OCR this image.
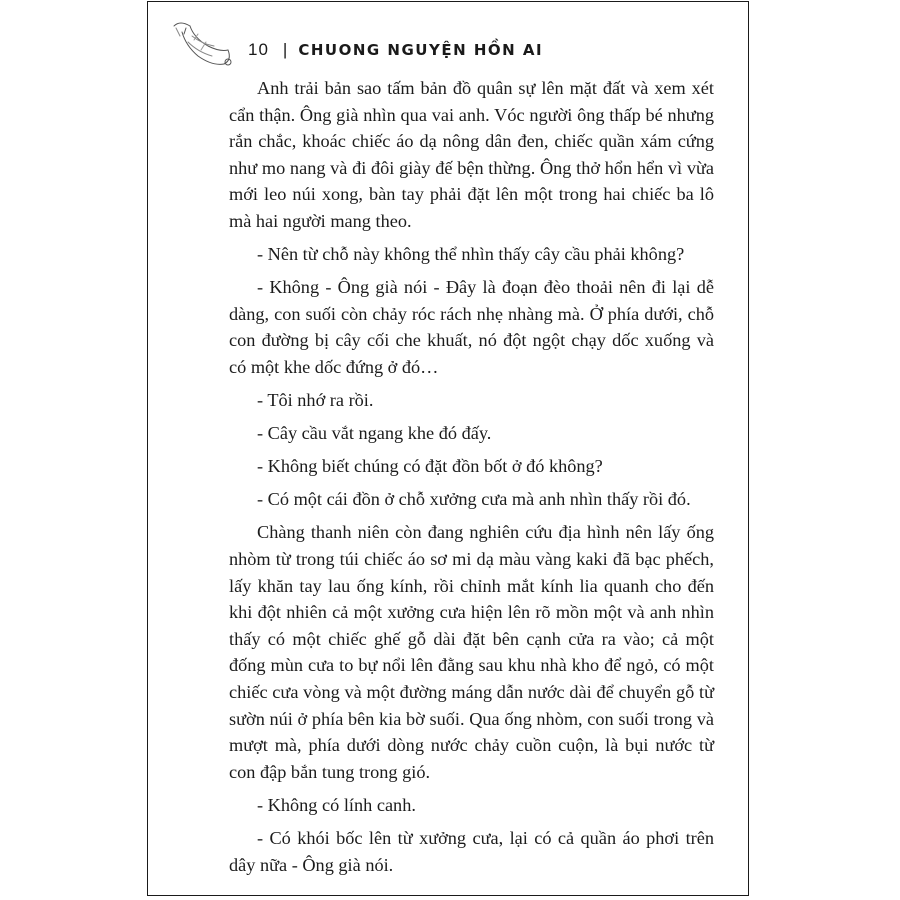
10 | CHUONG NGUYỆN HỒN AI

Anh trải bản sao tấm bản đồ quân sự lên mặt đất và xem xét cẩn thận. Ông già nhìn qua vai anh. Vóc người ông thấp bé nhưng rắn chắc, khoác chiếc áo dạ nông dân đen, chiếc quần xám cứng như mo nang và đi đôi giày đế bện thừng. Ông thở hổn hển vì vừa mới leo núi xong, bàn tay phải đặt lên một trong hai chiếc ba lô mà hai người mang theo.

- Nên từ chỗ này không thể nhìn thấy cây cầu phải không?

- Không - Ông già nói - Đây là đoạn đèo thoải nên đi lại dễ dàng, con suối còn chảy róc rách nhẹ nhàng mà. Ở phía dưới, chỗ con đường bị cây cối che khuất, nó đột ngột chạy dốc xuống và có một khe dốc đứng ở đó…

- Tôi nhớ ra rồi.

- Cây cầu vắt ngang khe đó đấy.

- Không biết chúng có đặt đồn bốt ở đó không?

- Có một cái đồn ở chỗ xưởng cưa mà anh nhìn thấy rồi đó.

Chàng thanh niên còn đang nghiên cứu địa hình nên lấy ống nhòm từ trong túi chiếc áo sơ mi dạ màu vàng kaki đã bạc phếch, lấy khăn tay lau ống kính, rồi chỉnh mắt kính lia quanh cho đến khi đột nhiên cả một xưởng cưa hiện lên rõ mồn một và anh nhìn thấy có một chiếc ghế gỗ dài đặt bên cạnh cửa ra vào; cả một đống mùn cưa to bự nổi lên đằng sau khu nhà kho để ngỏ, có một chiếc cưa vòng và một đường máng dẫn nước dài để chuyển gỗ từ sườn núi ở phía bên kia bờ suối. Qua ống nhòm, con suối trong và mượt mà, phía dưới dòng nước chảy cuồn cuộn, là bụi nước từ con đập bắn tung trong gió.

- Không có lính canh.

- Có khói bốc lên từ xưởng cưa, lại có cả quần áo phơi trên dây nữa - Ông già nói.
